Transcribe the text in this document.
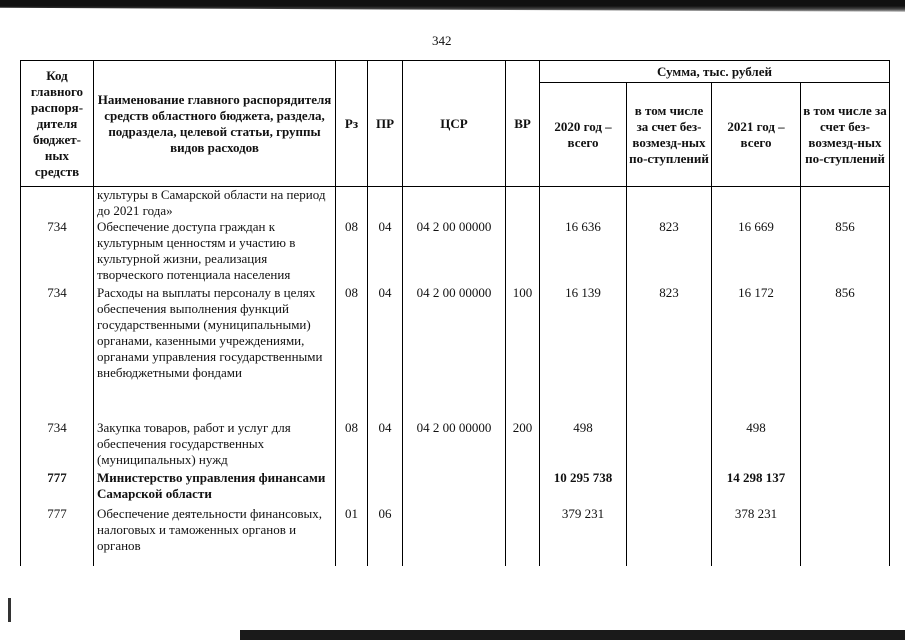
342
Код главного распоря-дителя бюджет-ных средств	Наименование главного распорядителя средств областного бюджета, раздела, подраздела, целевой статьи, группы видов расходов	Рз	ПР	ЦСР	ВР	Сумма, тыс. рублей			
						2020 год – всего	в том числе за счет без-возмезд-ных по-ступлений	2021 год – всего	в том числе за счет без-возмезд-ных по-ступлений
	культуры в Самарской области на период до 2021 года»								
734	Обеспечение доступа граждан к культурным ценностям и участию в культурной жизни, реализация творческого потенциала населения	08	04	04 2 00 00000		16 636	823	16 669	856
734	Расходы на выплаты персоналу в целях обеспечения выполнения функций государственными (муниципальными) органами, казенными учреждениями, органами управления государственными внебюджетными фондами	08	04	04 2 00 00000	100	16 139	823	16 172	856
734	Закупка товаров, работ и услуг для обеспечения государственных (муниципальных) нужд	08	04	04 2 00 00000	200	498		498	
777	Министерство управления финансами Самарской области					10 295 738		14 298 137	
777	Обеспечение деятельности финансовых, налоговых и таможенных органов и органов	01	06			379 231		378 231	
